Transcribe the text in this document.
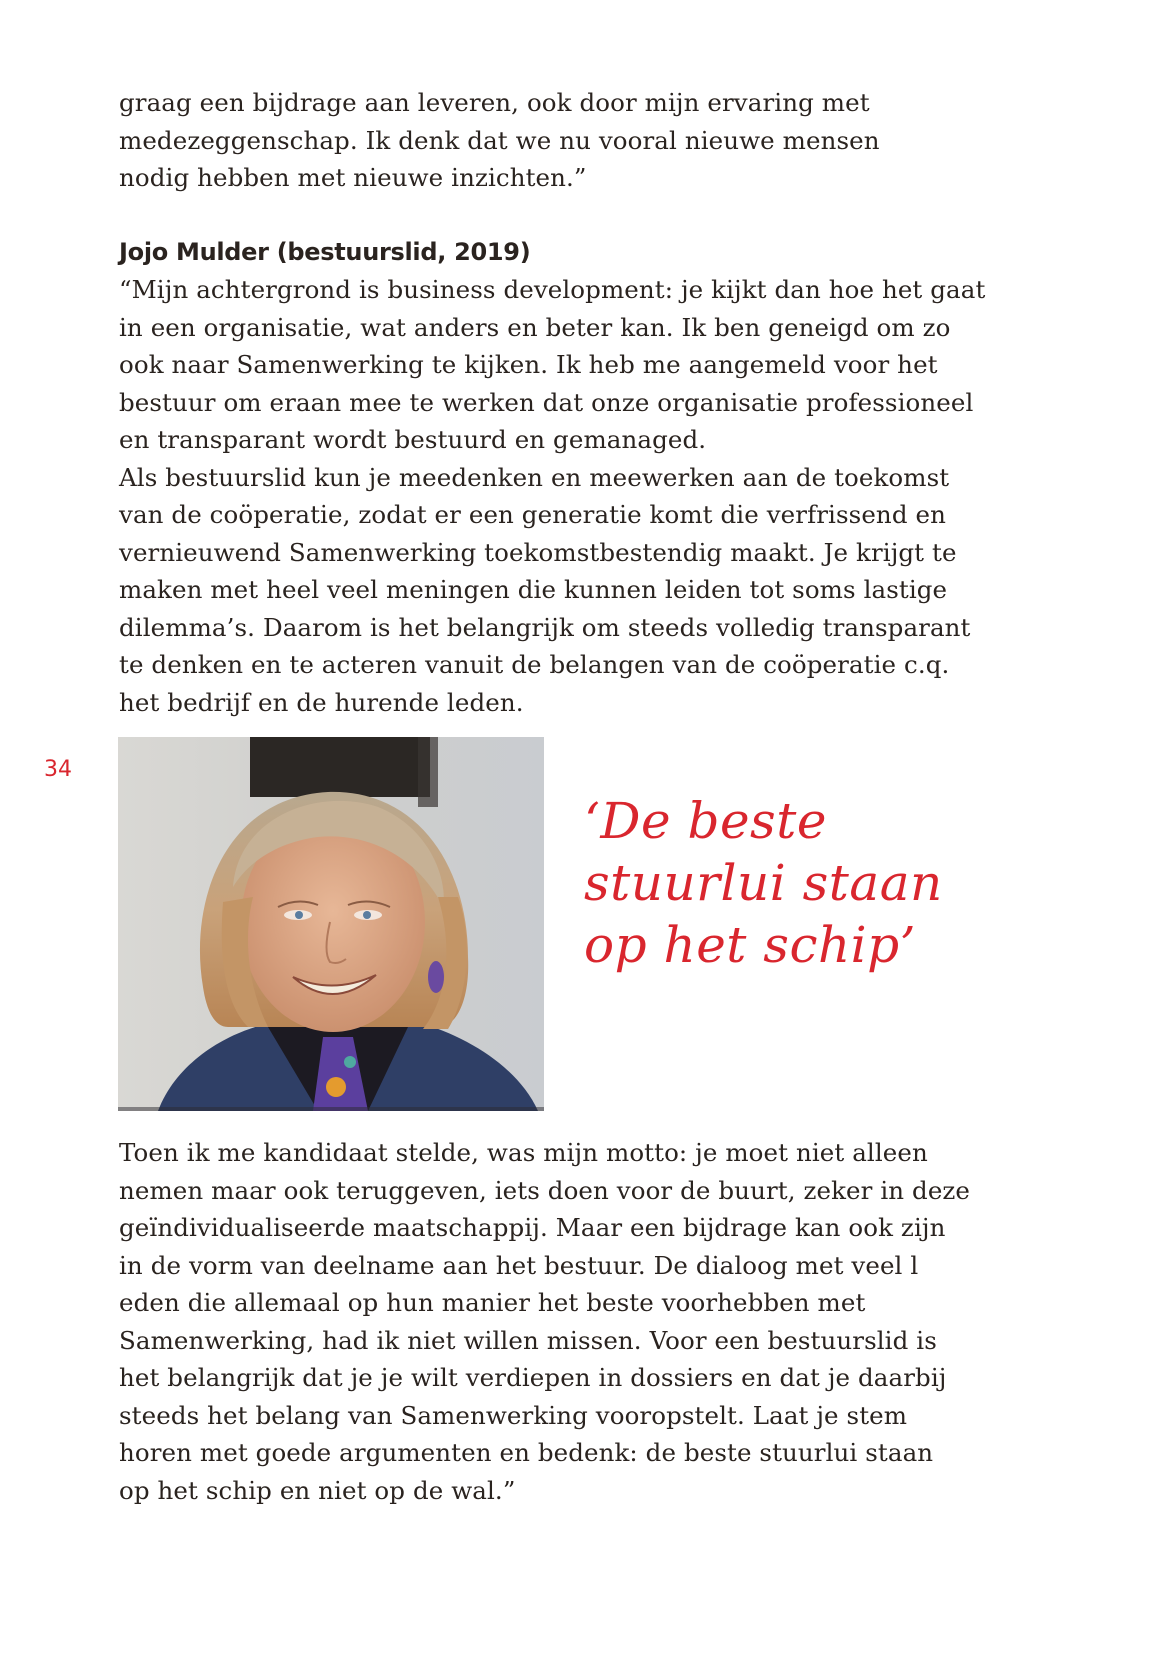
graag een bijdrage aan leveren, ook door mijn ervaring met
medezeggenschap. Ik denk dat we nu vooral nieuwe mensen
nodig hebben met nieuwe inzichten.”
Jojo Mulder (bestuurslid, 2019)
“Mijn achtergrond is business development: je kijkt dan hoe het gaat
in een organisatie, wat anders en beter kan. Ik ben geneigd om zo
ook naar Samenwerking te kijken. Ik heb me aangemeld voor het
bestuur om eraan mee te werken dat onze organisatie professioneel
en transparant wordt bestuurd en gemanaged.
Als bestuurslid kun je meedenken en meewerken aan de toekomst
van de coöperatie, zodat er een generatie komt die verfrissend en
vernieuwend Samenwerking toekomstbestendig maakt. Je krijgt te
maken met heel veel meningen die kunnen leiden tot soms lastige
dilemma’s. Daarom is het belangrijk om steeds volledig transparant
te denken en te acteren vanuit de belangen van de coöperatie c.q.
het bedrijf en de hurende leden.
34
‘De beste
stuurlui staan
op het schip’
Toen ik me kandidaat stelde, was mijn motto: je moet niet alleen
nemen maar ook teruggeven, iets doen voor de buurt, zeker in deze
geïndividualiseerde maatschappij. Maar een bijdrage kan ook zijn
in de vorm van deelname aan het bestuur. De dialoog met veel l
eden die allemaal op hun manier het beste voorhebben met
Samenwerking, had ik niet willen missen. Voor een bestuurslid is
het belangrijk dat je je wilt verdiepen in dossiers en dat je daarbij
steeds het belang van Samenwerking vooropstelt. Laat je stem
horen met goede argumenten en bedenk: de beste stuurlui staan
op het schip en niet op de wal.”
